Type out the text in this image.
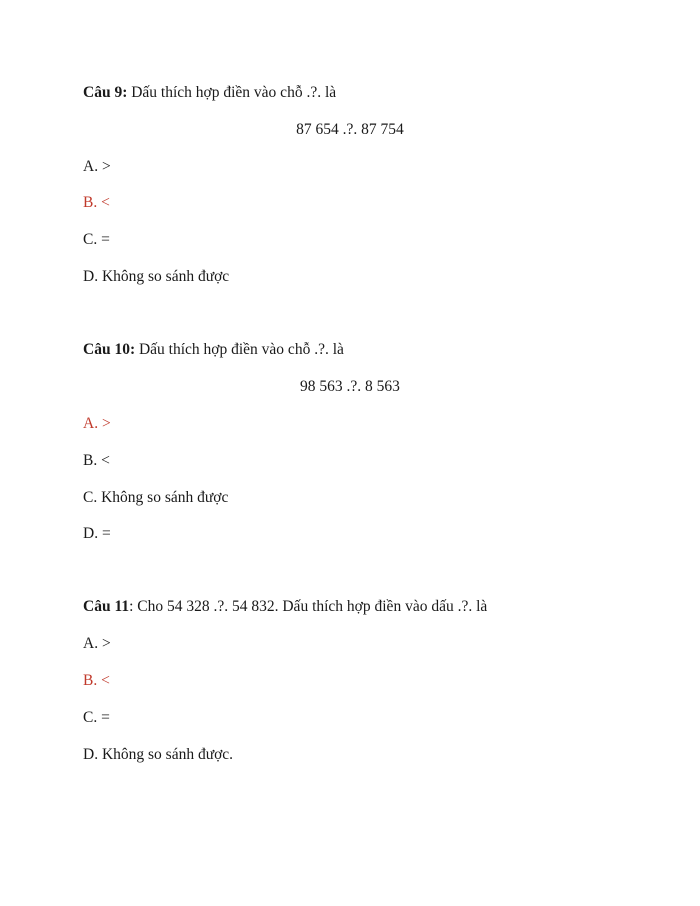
Câu 9: Dấu thích hợp điền vào chỗ .?. là
87 654 .?. 87 754
A. >
B. <
C. =
D. Không so sánh được
Câu 10: Dấu thích hợp điền vào chỗ .?. là
98 563 .?. 8 563
A. >
B. <
C. Không so sánh được
D. =
Câu 11: Cho 54 328 .?. 54 832. Dấu thích hợp điền vào dấu .?. là
A. >
B. <
C. =
D. Không so sánh được.
